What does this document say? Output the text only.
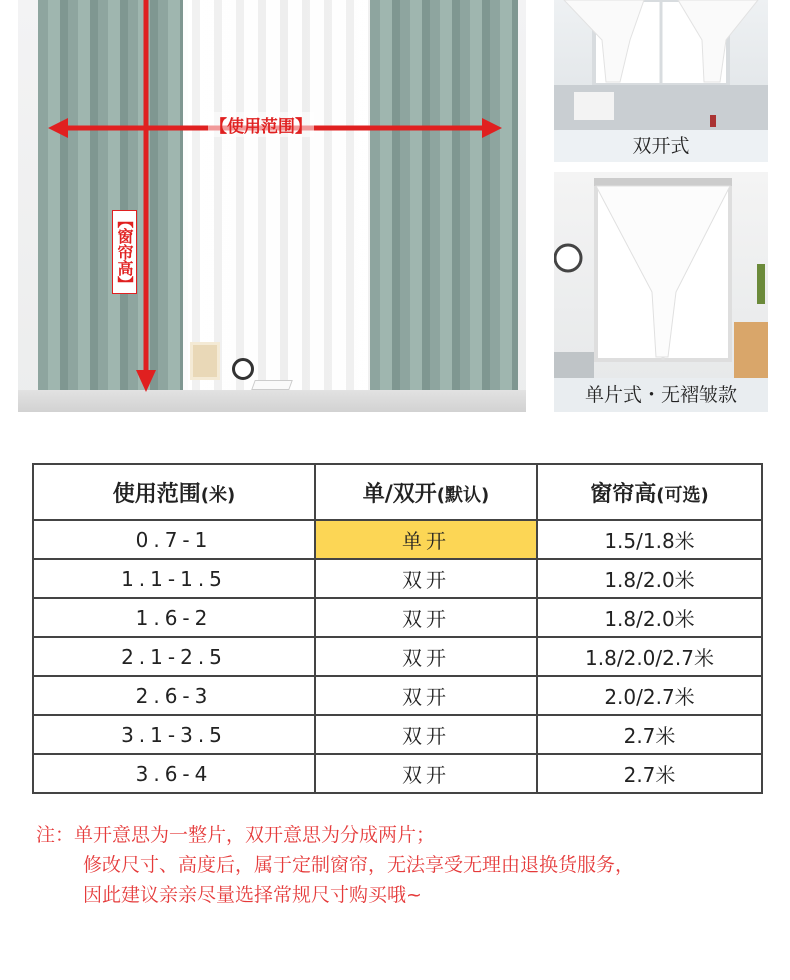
【使用范围】
【窗帘高】
双开式
单片式・无褶皱款
使用范围(米)	单/双开(默认)	窗帘高(可选)
0.7-1	单开	1.5/1.8米
1.1-1.5	双开	1.8/2.0米
1.6-2	双开	1.8/2.0米
2.1-2.5	双开	1.8/2.0/2.7米
2.6-3	双开	2.0/2.7米
3.1-3.5	双开	2.7米
3.6-4	双开	2.7米
注：单开意思为一整片，双开意思为分成两片；
修改尺寸、高度后，属于定制窗帘，无法享受无理由退换货服务，
因此建议亲亲尽量选择常规尺寸购买哦~
